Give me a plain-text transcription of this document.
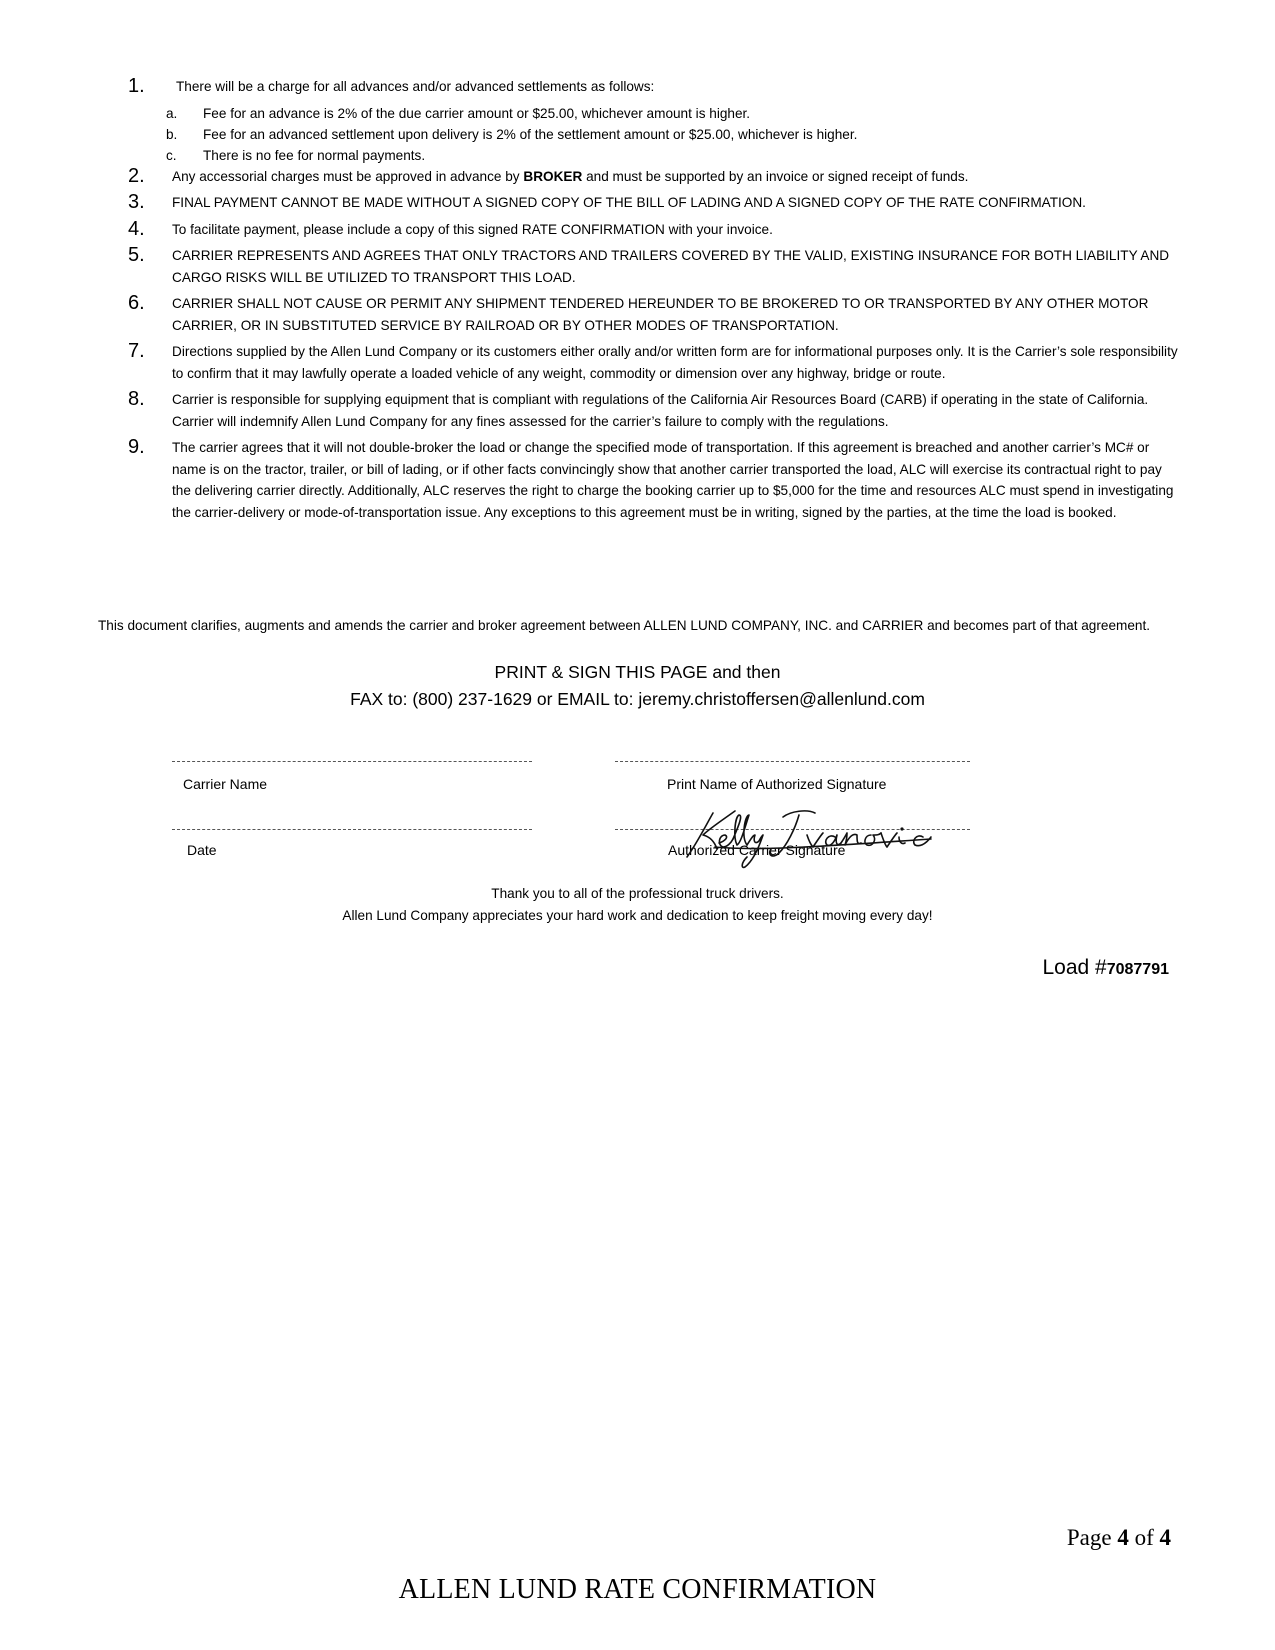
1.	There will be a charge for all advances and/or advanced settlements as follows:
a.	Fee for an advance is 2% of the due carrier amount or $25.00, whichever amount is higher.
b.	Fee for an advanced settlement upon delivery is 2% of the settlement amount or $25.00, whichever is higher.
c.	There is no fee for normal payments.
2.	Any accessorial charges must be approved in advance by BROKER and must be supported by an invoice or signed receipt of funds.
3.	FINAL PAYMENT CANNOT BE MADE WITHOUT A SIGNED COPY OF THE BILL OF LADING AND A SIGNED COPY OF THE RATE CONFIRMATION.
4.	To facilitate payment, please include a copy of this signed RATE CONFIRMATION with your invoice.
5.	CARRIER REPRESENTS AND AGREES THAT ONLY TRACTORS AND TRAILERS COVERED BY THE VALID, EXISTING INSURANCE FOR BOTH LIABILITY AND CARGO RISKS WILL BE UTILIZED TO TRANSPORT THIS LOAD.
6.	CARRIER SHALL NOT CAUSE OR PERMIT ANY SHIPMENT TENDERED HEREUNDER TO BE BROKERED TO OR TRANSPORTED BY ANY OTHER MOTOR CARRIER, OR IN SUBSTITUTED SERVICE BY RAILROAD OR BY OTHER MODES OF TRANSPORTATION.
7.	Directions supplied by the Allen Lund Company or its customers either orally and/or written form are for informational purposes only. It is the Carrier’s sole responsibility to confirm that it may lawfully operate a loaded vehicle of any weight, commodity or dimension over any highway, bridge or route.
8.	Carrier is responsible for supplying equipment that is compliant with regulations of the California Air Resources Board (CARB) if operating in the state of California. Carrier will indemnify Allen Lund Company for any fines assessed for the carrier’s failure to comply with the regulations.
9.	The carrier agrees that it will not double-broker the load or change the specified mode of transportation. If this agreement is breached and another carrier’s MC# or name is on the tractor, trailer, or bill of lading, or if other facts convincingly show that another carrier transported the load, ALC will exercise its contractual right to pay the delivering carrier directly. Additionally, ALC reserves the right to charge the booking carrier up to $5,000 for the time and resources ALC must spend in investigating the carrier-delivery or mode-of-transportation issue. Any exceptions to this agreement must be in writing, signed by the parties, at the time the load is booked.
This document clarifies, augments and amends the carrier and broker agreement between ALLEN LUND COMPANY, INC. and CARRIER and becomes part of that agreement.
PRINT & SIGN THIS PAGE and then
FAX to: (800) 237-1629 or EMAIL to: jeremy.christoffersen@allenlund.com
Carrier Name	Print Name of Authorized Signature
Date	Authorized Carrier Signature
Thank you to all of the professional truck drivers.
Allen Lund Company appreciates your hard work and dedication to keep freight moving every day!
Load #7087791
Page 4 of 4
ALLEN LUND RATE CONFIRMATION
